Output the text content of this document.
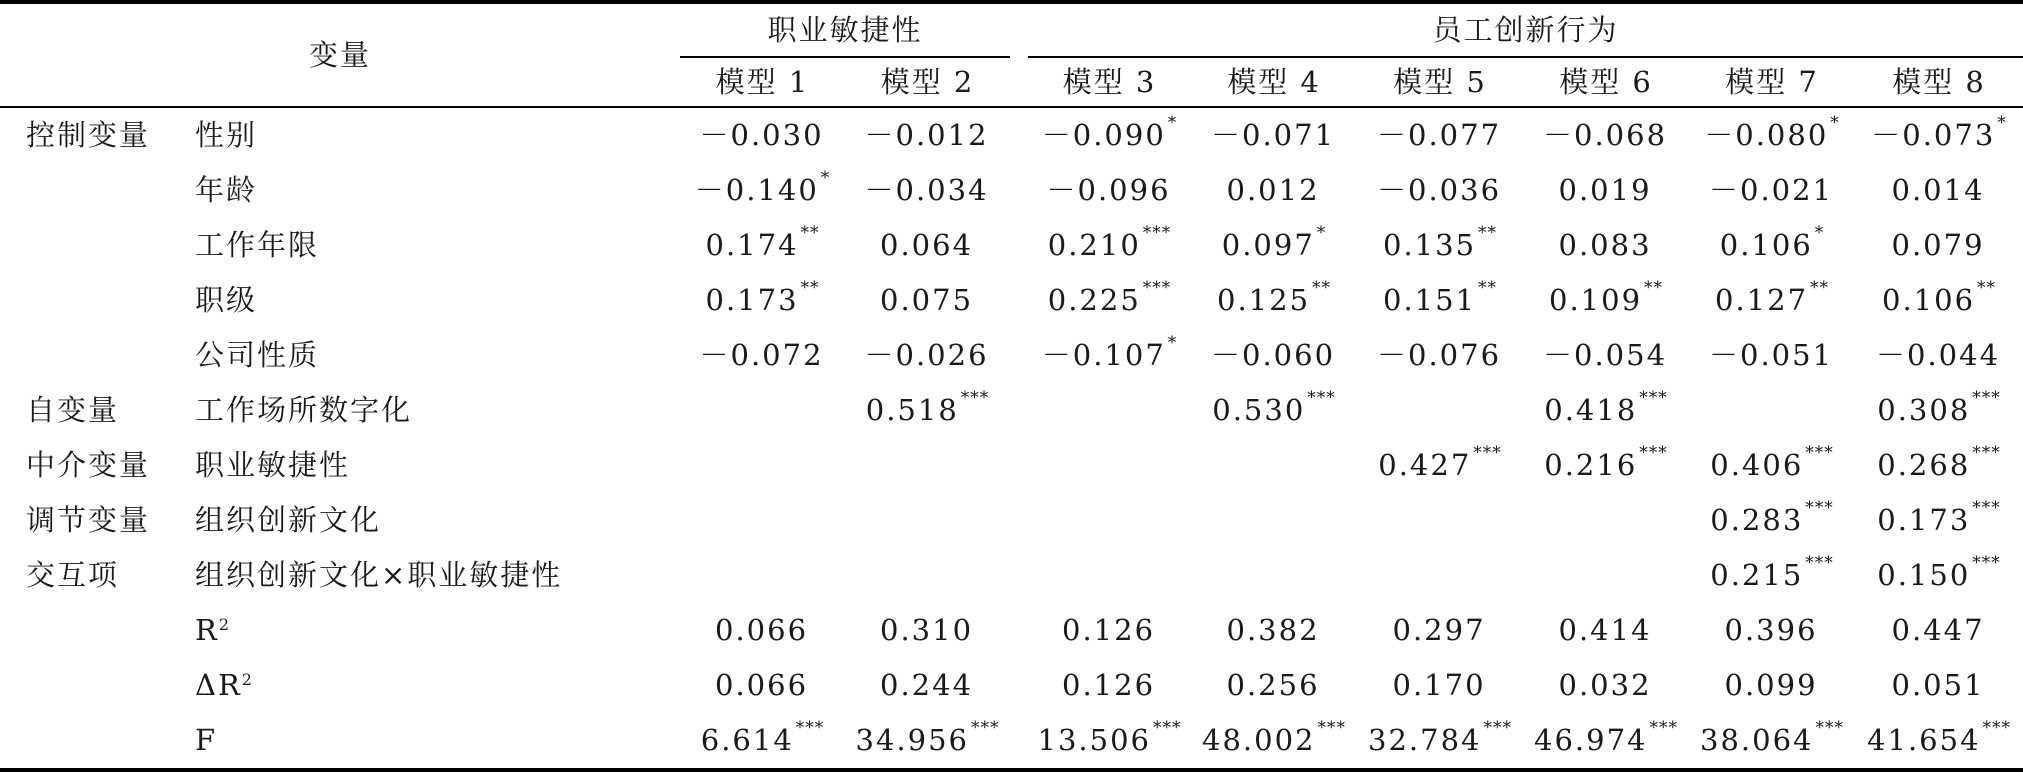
变量		职业敏捷性			员工创新行为					
		模型 1	模型 2		模型 3	模型 4	模型 5	模型 6	模型 7	模型 8
控制变量	性别	－0.030	－0.012		－0.090 *	－0.071	－0.077	－0.068	－0.080 *	－0.073 *
	年龄	－0.140 *	－0.034		－0.096	0.012	－0.036	0.019	－0.021	0.014
	工作年限	0.174 **	0.064		0.210 ***	0.097 *	0.135 **	0.083	0.106 *	0.079
	职级	0.173 **	0.075		0.225 ***	0.125 **	0.151 **	0.109 **	0.127 **	0.106 **
	公司性质	－0.072	－0.026		－0.107 *	－0.060	－0.076	－0.054	－0.051	－0.044
自变量	工作场所数字化		0.518 ***			0.530 ***		0.418 ***		0.308 ***
中介变量	职业敏捷性						0.427 ***	0.216 ***	0.406 ***	0.268 ***
调节变量	组织创新文化								0.283 ***	0.173 ***
交互项	组织创新文化×职业敏捷性								0.215 ***	0.150 ***
	$R^2$	0.066	0.310		0.126	0.382	0.297	0.414	0.396	0.447
	$\Delta R^2$	0.066	0.244		0.126	0.256	0.170	0.032	0.099	0.051
	F	6.614 ***	34.956 ***		13.506 ***	48.002 ***	32.784 ***	46.974 ***	38.064 ***	41.654 ***
